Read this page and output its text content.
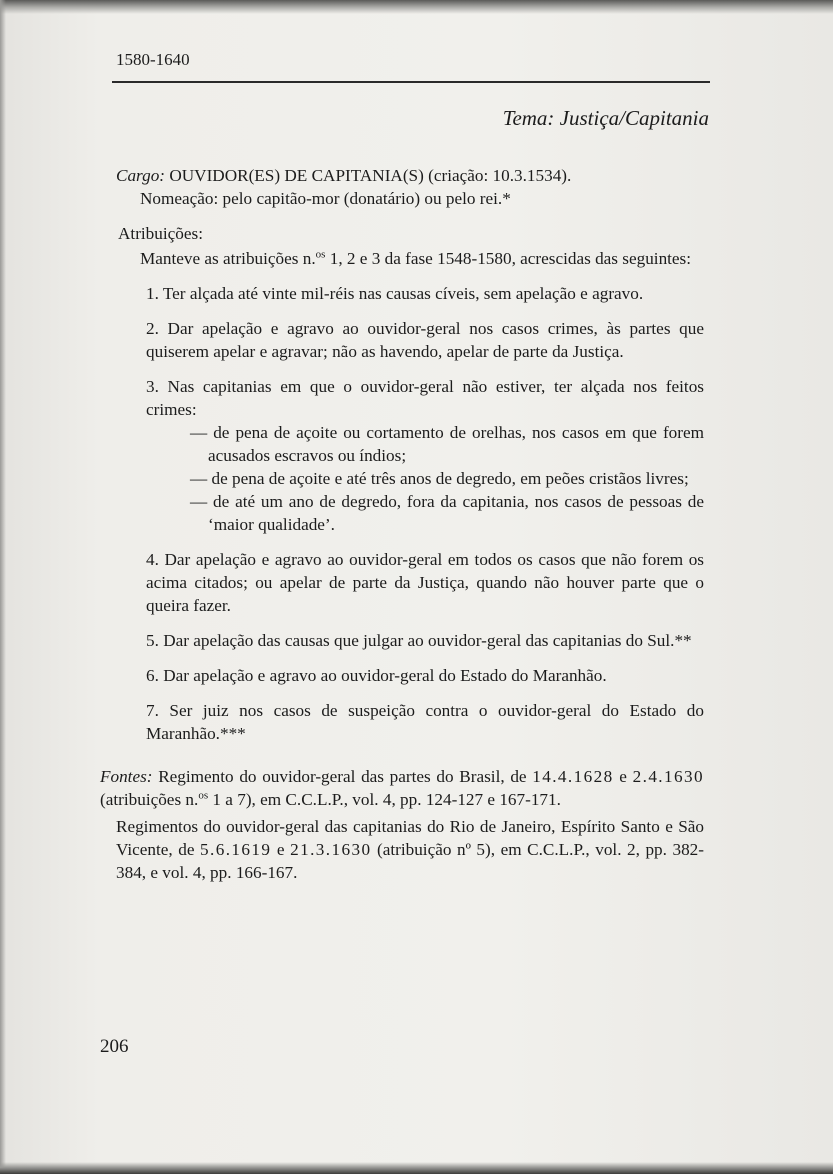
1580-1640
Tema: Justiça/Capitania

Cargo: OUVIDOR(ES) DE CAPITANIA(S) (criação: 10.3.1534).
Nomeação: pelo capitão-mor (donatário) ou pelo rei.*

Atribuições:

Manteve as atribuições n.$^{os}$ 1, 2 e 3 da fase 1548-1580, acrescidas das seguintes:

1. Ter alçada até vinte mil-réis nas causas cíveis, sem apelação e agravo.

2. Dar apelação e agravo ao ouvidor-geral nos casos crimes, às partes que quiserem apelar e agravar; não as havendo, apelar de parte da Justiça.

3. Nas capitanias em que o ouvidor-geral não estiver, ter alçada nos feitos crimes:

— de pena de açoite ou cortamento de orelhas, nos casos em que forem acusados escravos ou índios;

— de pena de açoite e até três anos de degredo, em peões cristãos livres;

— de até um ano de degredo, fora da capitania, nos casos de pessoas de ‘maior qualidade’.

4. Dar apelação e agravo ao ouvidor-geral em todos os casos que não forem os acima citados; ou apelar de parte da Justiça, quando não houver parte que o queira fazer.

5. Dar apelação das causas que julgar ao ouvidor-geral das capitanias do Sul.**

6. Dar apelação e agravo ao ouvidor-geral do Estado do Maranhão.

7. Ser juiz nos casos de suspeição contra o ouvidor-geral do Estado do Maranhão.***

Fontes: Regimento do ouvidor-geral das partes do Brasil, de 14.4.1628 e 2.4.1630 (atribuições n.$^{os}$ 1 a 7), em C.C.L.P., vol. 4, pp. 124-127 e 167-171.

Regimentos do ouvidor-geral das capitanias do Rio de Janeiro, Espírito Santo e São Vicente, de 5.6.1619 e 21.3.1630 (atribuição nº 5), em C.C.L.P., vol. 2, pp. 382-384, e vol. 4, pp. 166-167.

206
